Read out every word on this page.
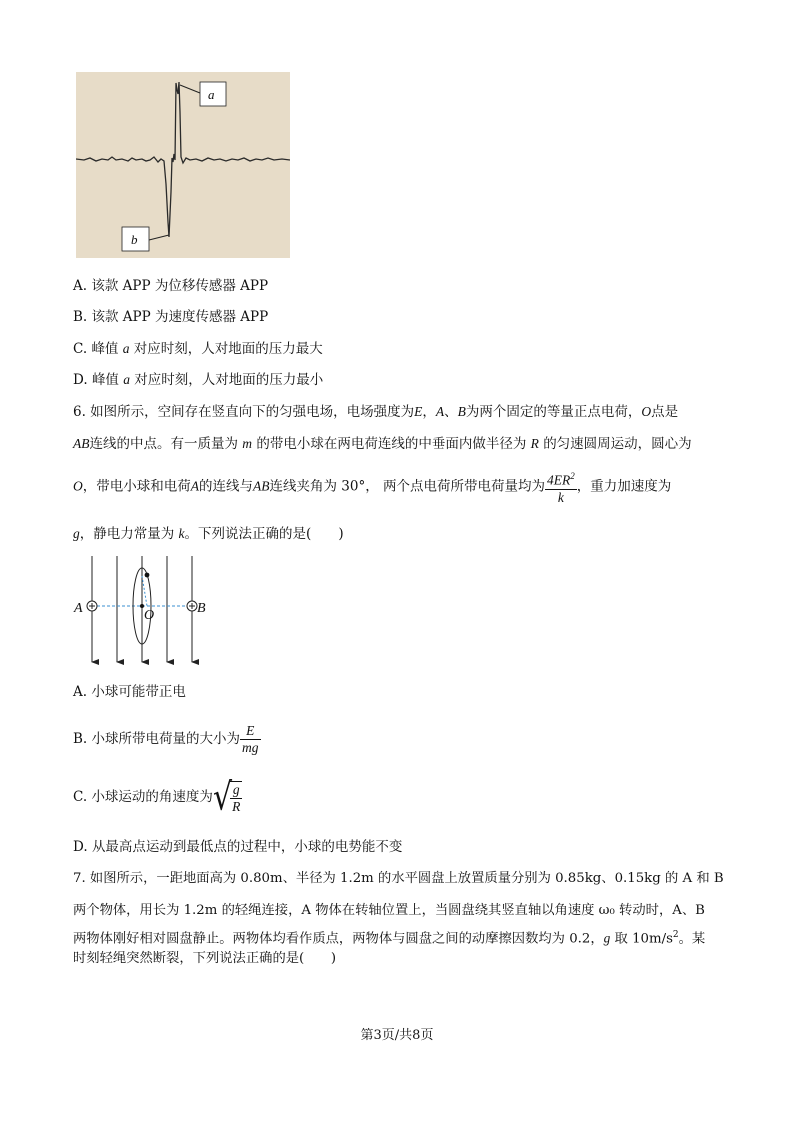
a
b
A. 该款 APP 为位移传感器 APP
B. 该款 APP 为速度传感器 APP
C. 峰值 a 对应时刻，人对地面的压力最大
D. 峰值 a 对应时刻，人对地面的压力最小
6. 如图所示，空间存在竖直向下的匀强电场，电场强度为E，A、B为两个固定的等量正点电荷，O点是
AB连线的中点。有一质量为 m 的带电小球在两电荷连线的中垂面内做半径为 R 的匀速圆周运动，圆心为
O，带电小球和电荷A的连线与AB连线夹角为 30°， 两个点电荷所带电荷量均为 $\frac{4ER^2}{k}$ ，重力加速度为
g，静电力常量为 k。下列说法正确的是(　　)
A	B
O
A. 小球可能带正电
B. 小球所带电荷量的大小为 $\frac{E}{mg}$
C. 小球运动的角速度为√
$\frac{g}{R}$
D. 从最高点运动到最低点的过程中，小球的电势能不变
7. 如图所示，一距地面高为 0.80m、半径为 1.2m 的水平圆盘上放置质量分别为 0.85kg、0.15kg 的 A 和 B
两个物体，用长为 1.2m 的轻绳连接，A 物体在转轴位置上，当圆盘绕其竖直轴以角速度 ω₀ 转动时，A、B
两物体刚好相对圆盘静止。两物体均看作质点，两物体与圆盘之间的动摩擦因数均为 0.2，g 取 $10m/s^2$。某
时刻轻绳突然断裂，下列说法正确的是(　　)
第3页/共8页
